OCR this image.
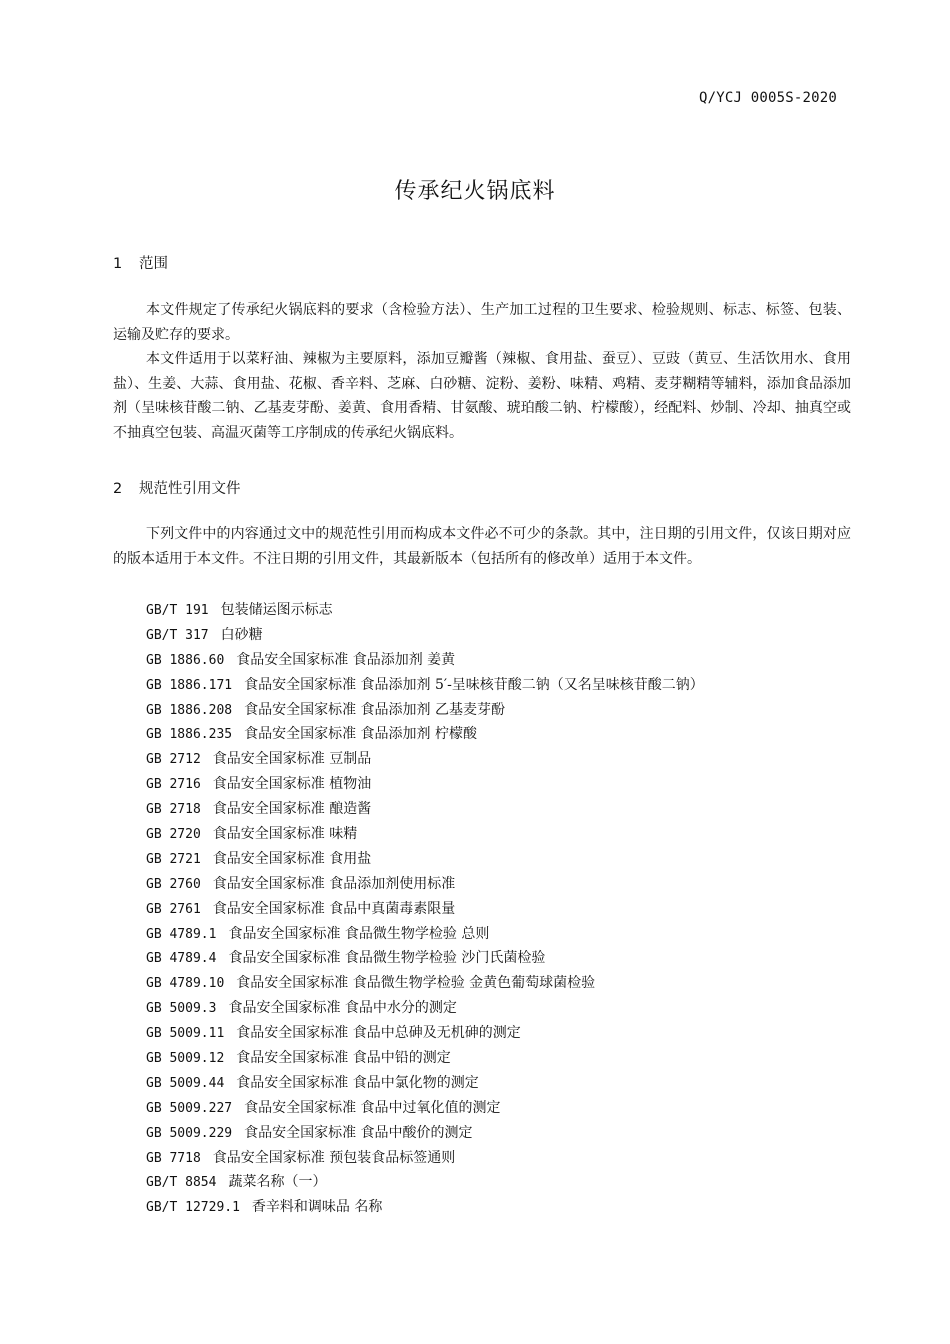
Q/YCJ 0005S-2020
传承纪火锅底料
1 范围

本文件规定了传承纪火锅底料的要求（含检验方法）、生产加工过程的卫生要求、检验规则、标志、标签、包装、运输及贮存的要求。

本文件适用于以菜籽油、辣椒为主要原料，添加豆瓣酱（辣椒、食用盐、蚕豆）、豆豉（黄豆、生活饮用水、食用盐）、生姜、大蒜、食用盐、花椒、香辛料、芝麻、白砂糖、淀粉、姜粉、味精、鸡精、麦芽糊精等辅料，添加食品添加剂（呈味核苷酸二钠、乙基麦芽酚、姜黄、食用香精、甘氨酸、琥珀酸二钠、柠檬酸），经配料、炒制、冷却、抽真空或不抽真空包装、高温灭菌等工序制成的传承纪火锅底料。

2 规范性引用文件

下列文件中的内容通过文中的规范性引用而构成本文件必不可少的条款。其中，注日期的引用文件，仅该日期对应的版本适用于本文件。不注日期的引用文件，其最新版本（包括所有的修改单）适用于本文件。

GB/T 191 包装储运图示标志
GB/T 317 白砂糖
GB 1886.60 食品安全国家标准 食品添加剂 姜黄
GB 1886.171 食品安全国家标准 食品添加剂 5′-呈味核苷酸二钠（又名呈味核苷酸二钠）
GB 1886.208 食品安全国家标准 食品添加剂 乙基麦芽酚
GB 1886.235 食品安全国家标准 食品添加剂 柠檬酸
GB 2712 食品安全国家标准 豆制品
GB 2716 食品安全国家标准 植物油
GB 2718 食品安全国家标准 酿造酱
GB 2720 食品安全国家标准 味精
GB 2721 食品安全国家标准 食用盐
GB 2760 食品安全国家标准 食品添加剂使用标准
GB 2761 食品安全国家标准 食品中真菌毒素限量
GB 4789.1 食品安全国家标准 食品微生物学检验 总则
GB 4789.4 食品安全国家标准 食品微生物学检验 沙门氏菌检验
GB 4789.10 食品安全国家标准 食品微生物学检验 金黄色葡萄球菌检验
GB 5009.3 食品安全国家标准 食品中水分的测定
GB 5009.11 食品安全国家标准 食品中总砷及无机砷的测定
GB 5009.12 食品安全国家标准 食品中铅的测定
GB 5009.44 食品安全国家标准 食品中氯化物的测定
GB 5009.227 食品安全国家标准 食品中过氧化值的测定
GB 5009.229 食品安全国家标准 食品中酸价的测定
GB 7718 食品安全国家标准 预包装食品标签通则
GB/T 8854 蔬菜名称（一）
GB/T 12729.1 香辛料和调味品 名称
